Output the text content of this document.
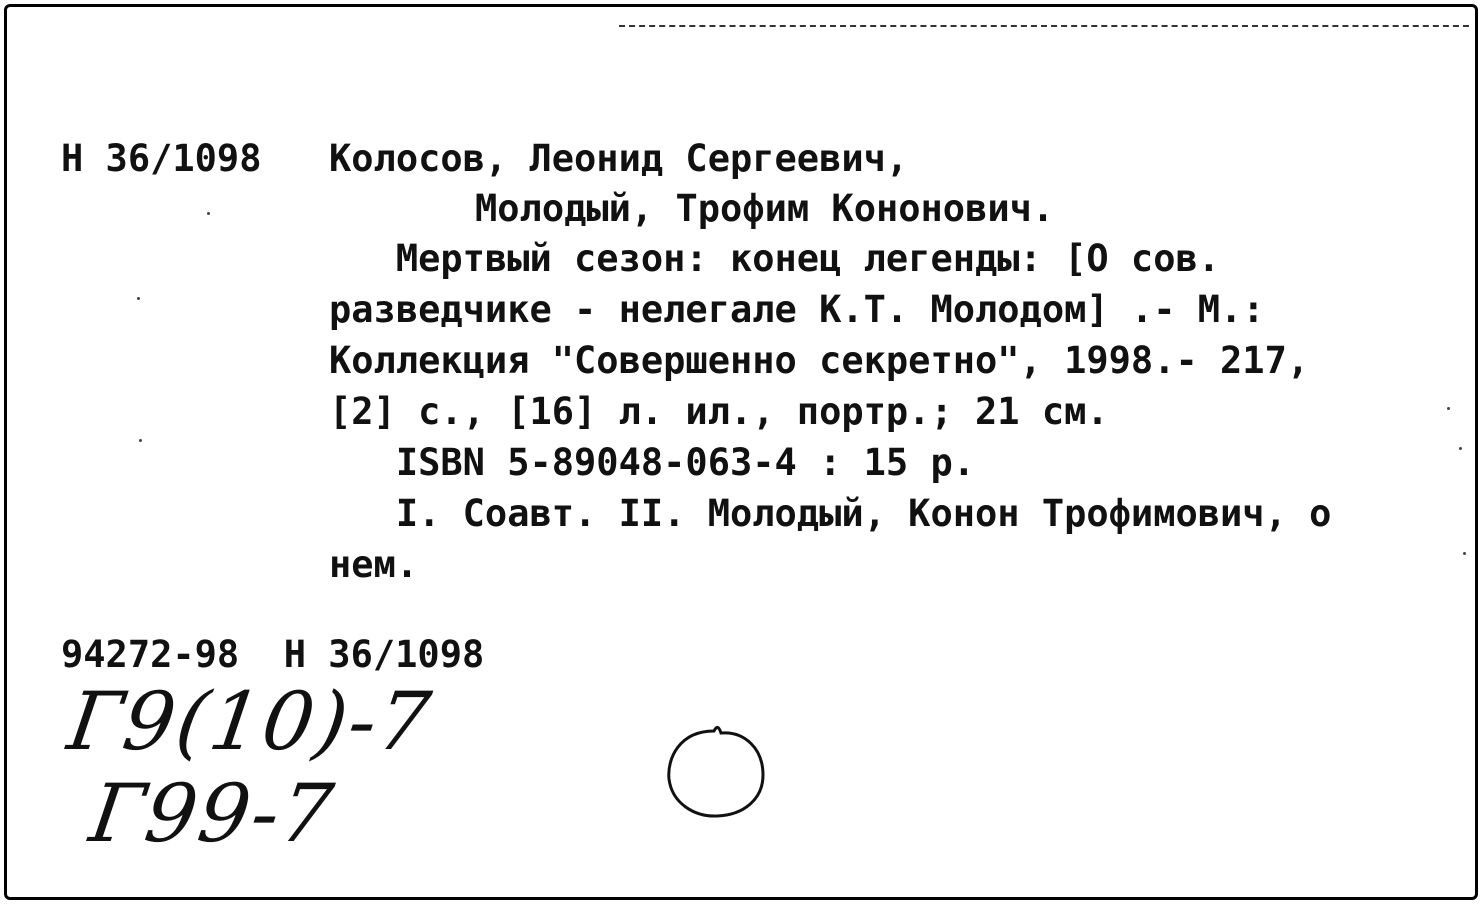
Н 36/1098 Колосов, Леонид Сергеевич,
Молодый, Трофим Кононович.
Мертвый сезон: конец легенды: [О сов.
разведчике - нелегале К.Т. Молодом] .- М.:
Коллекция "Совершенно секретно", 1998.- 217,
[2] с., [16] л. ил., портр.; 21 см.
ISBN 5-89048-063-4 : 15 р.
I. Соавт. II. Молодый, Конон Трофимович, о
нем.
94272-98  Н 36/1098
Г9(10)-7
Г99-7
